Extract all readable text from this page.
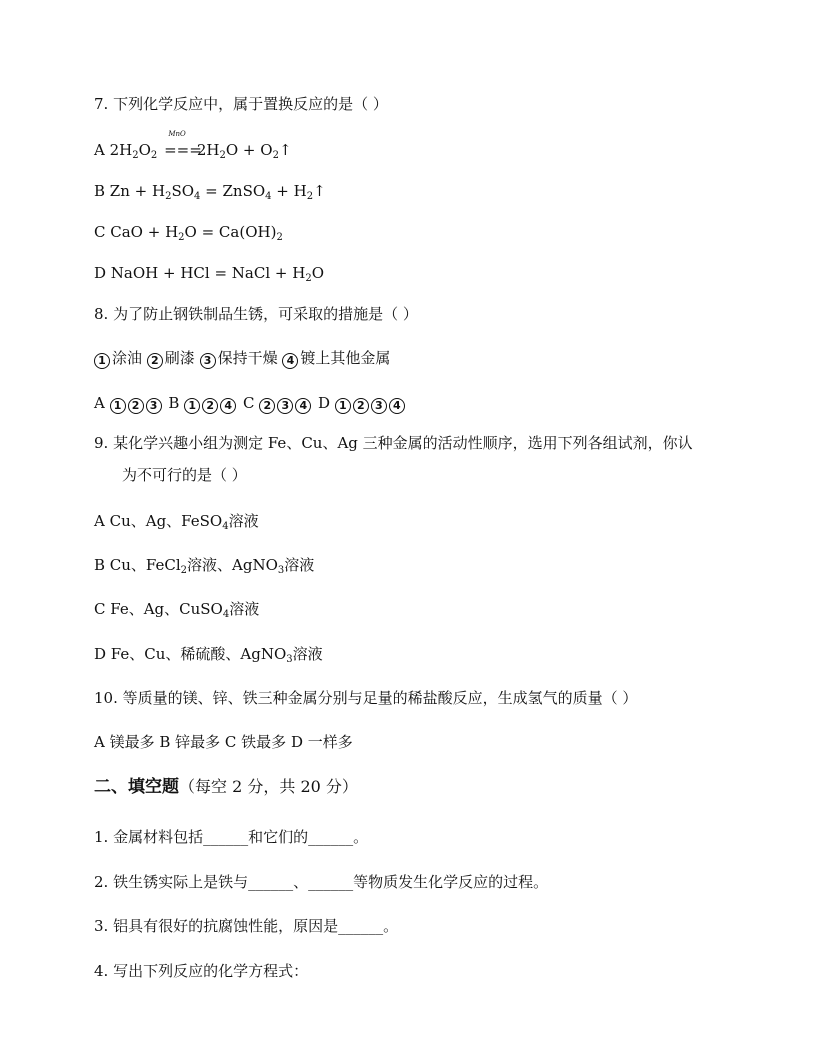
7. 下列化学反应中，属于置换反应的是（ ）
A $2H_2O_2$
MnO
=== $2H_2O$ + $O_2↑$
B $Zn + H_2SO_4$ = ZnSO$_4$ + $H_2↑$
C CaO + $H_2O = Ca(OH)_2$
D NaOH + HCl = NaCl + $H_2O$
8. 为了防止钢铁制品生锈，可采取的措施是（ ）
1 涂油 2 刷漆 3 保持干燥 4 镀上其他金属
A 1 2 3 B 1 2 4 C 2 3 4 D 1 2 3 4
9. 某化学兴趣小组为测定 Fe、Cu、Ag 三种金属的活动性顺序，选用下列各组试剂，你认
为不可行的是（ ）
A Cu、Ag、FeSO$_4$溶液
B Cu、FeCl$_2$溶液、AgNO$_3$溶液
C Fe、Ag、CuSO$_4$溶液
D Fe、Cu、稀硫酸、AgNO$_3$溶液
10. 等质量的镁、锌、铁三种金属分别与足量的稀盐酸反应，生成氢气的质量（ ）
A 镁最多 B 锌最多 C 铁最多 D 一样多
二、填空题（每空 2 分，共 20 分）
1. 金属材料包括______和它们的______。
2. 铁生锈实际上是铁与______、______等物质发生化学反应的过程。
3. 铝具有很好的抗腐蚀性能，原因是______。
4. 写出下列反应的化学方程式：
